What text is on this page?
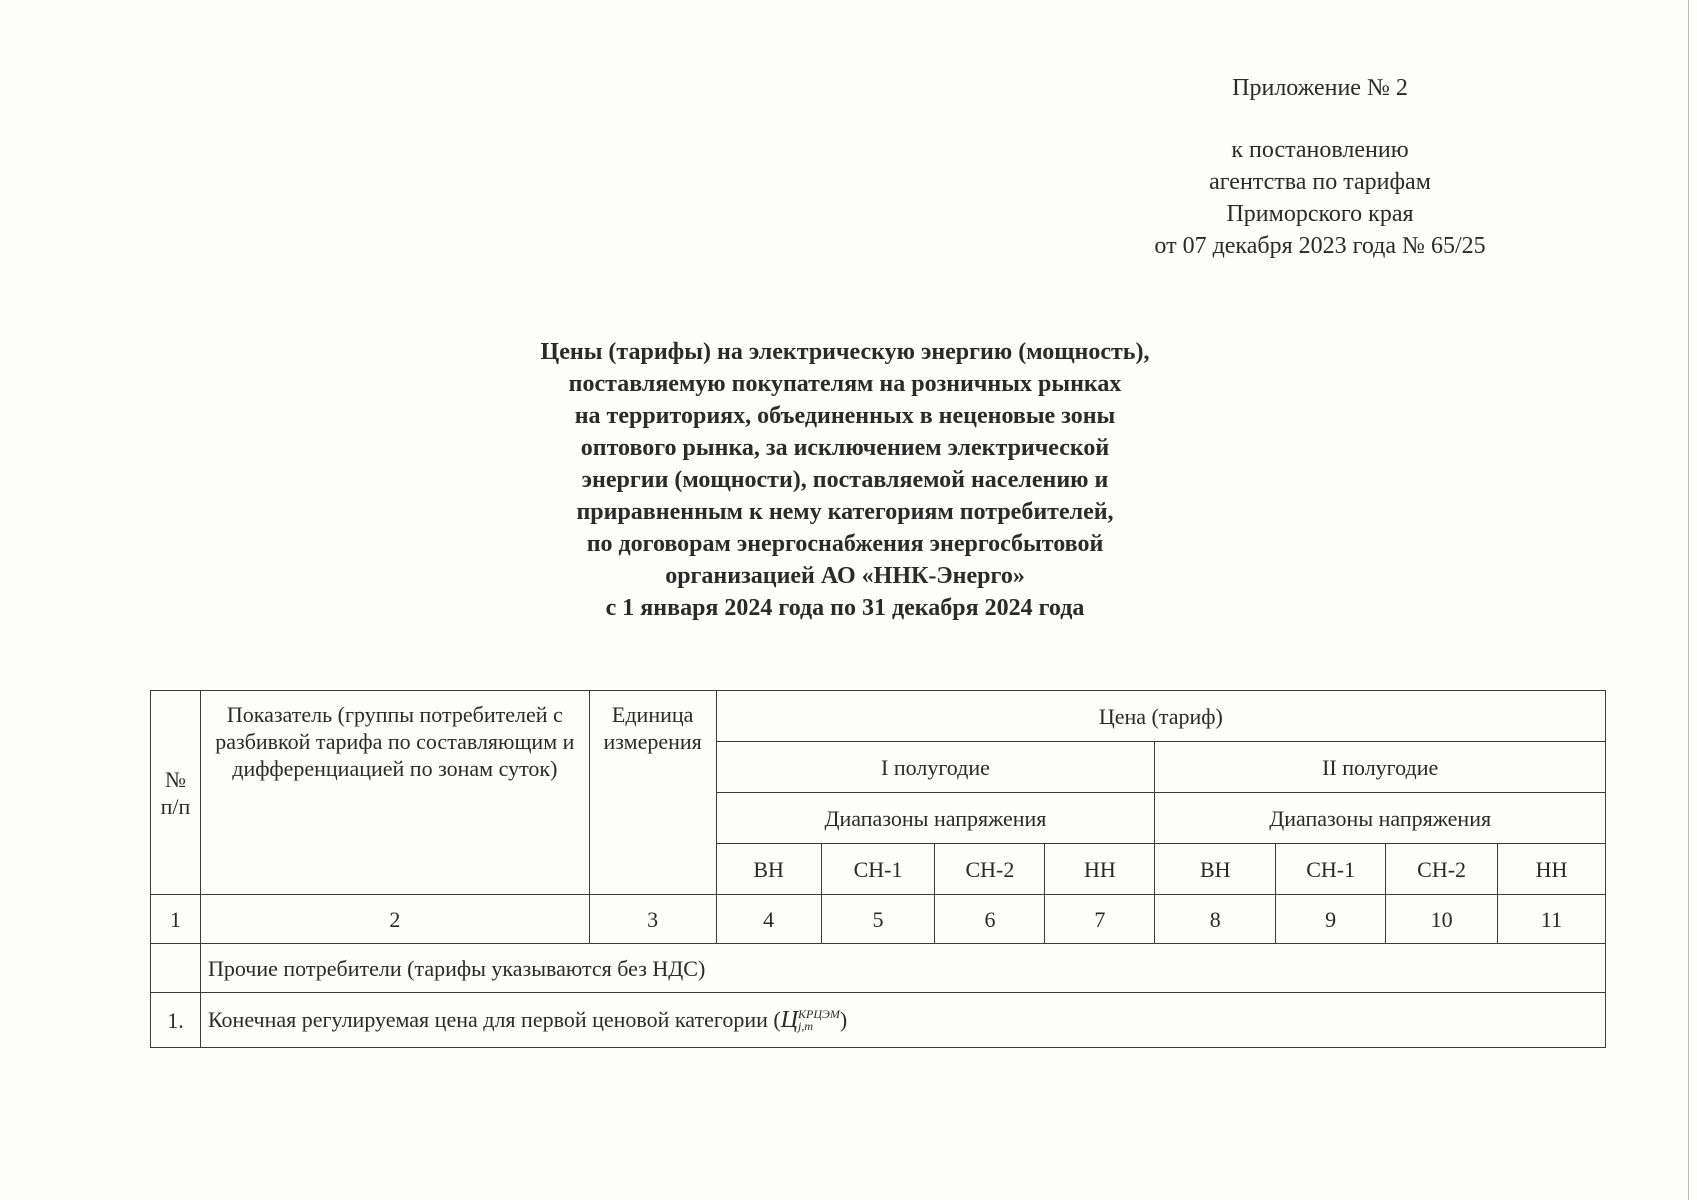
Приложение № 2
к постановлению
агентства по тарифам
Приморского края
от 07 декабря 2023 года № 65/25
Цены (тарифы) на электрическую энергию (мощность),
поставляемую покупателям на розничных рынках
на территориях, объединенных в неценовые зоны
оптового рынка, за исключением электрической
энергии (мощности), поставляемой населению и
приравненным к нему категориям потребителей,
по договорам энергоснабжения энергосбытовой
организацией АО «ННК-Энерго»
с 1 января 2024 года по 31 декабря 2024 года
№ п/п	Показатель (группы потребителей с разбивкой тарифа по составляющим и дифференциацией по зонам суток)	Единица измерения	Цена (тариф)							
			I полугодие				II полугодие			
			Диапазоны напряжения				Диапазоны напряжения			
			ВН	СН-1	СН-2	НН	ВН	СН-1	СН-2	НН
1	2	3	4	5	6	7	8	9	10	11
	Прочие потребители (тарифы указываются без НДС)									
1.	Конечная регулируемая цена для первой ценовой категории (Ц КРЦЭМ
j,m )									
